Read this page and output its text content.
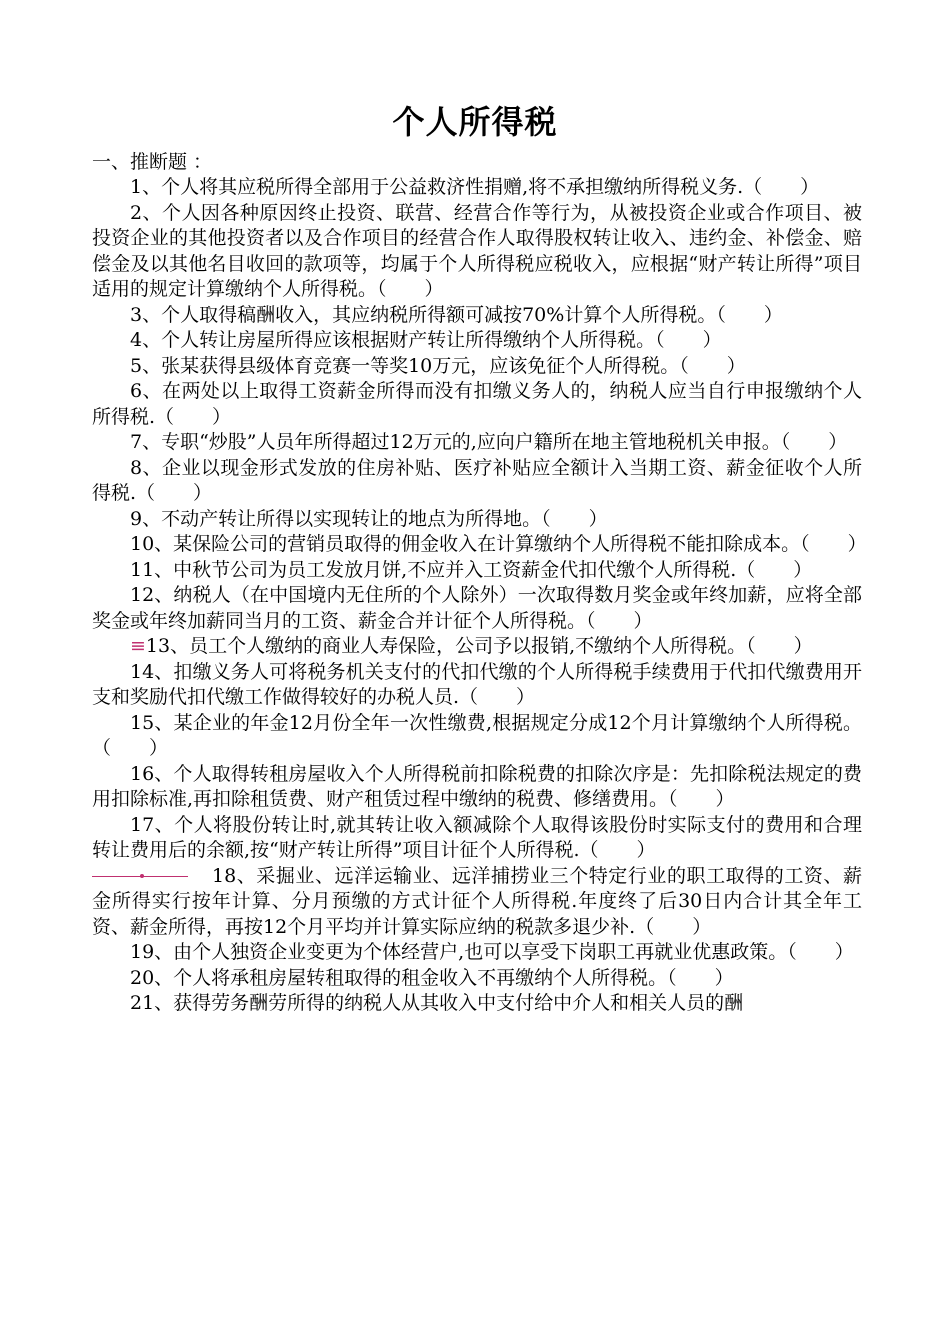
个人所得税
一、推断题 ：

1、个人将其应税所得全部用于公益救济性捐赠,将不承担缴纳所得税义务.（　　）

2、个人因各种原因终止投资、联营、经营合作等行为，从被投资企业或合作项目、被投资企业的其他投资者以及合作项目的经营合作人取得股权转让收入、违约金、补偿金、赔偿金及以其他名目收回的款项等，均属于个人所得税应税收入，应根据“财产转让所得”项目适用的规定计算缴纳个人所得税。（　　）

3、个人取得稿酬收入，其应纳税所得额可减按70%计算个人所得税。（　　）

4、个人转让房屋所得应该根据财产转让所得缴纳个人所得税。（　　）

5、张某获得县级体育竞赛一等奖10万元，应该免征个人所得税。（　　）

6、在两处以上取得工资薪金所得而没有扣缴义务人的，纳税人应当自行申报缴纳个人所得税.（　　）

7、专职“炒股”人员年所得超过12万元的,应向户籍所在地主管地税机关申报。（　　）

8、企业以现金形式发放的住房补贴、医疗补贴应全额计入当期工资、薪金征收个人所得税.（　　）

9、不动产转让所得以实现转让的地点为所得地。（　　）

10、某保险公司的营销员取得的佣金收入在计算缴纳个人所得税不能扣除成本。（　　）

11、中秋节公司为员工发放月饼,不应并入工资薪金代扣代缴个人所得税.（　　）

12、纳税人（在中国境内无住所的个人除外）一次取得数月奖金或年终加薪，应将全部奖金或年终加薪同当月的工资、薪金合并计征个人所得税。（　　）

≡13、员工个人缴纳的商业人寿保险，公司予以报销,不缴纳个人所得税。（　　）

14、扣缴义务人可将税务机关支付的代扣代缴的个人所得税手续费用于代扣代缴费用开支和奖励代扣代缴工作做得较好的办税人员.（　　）

15、某企业的年金12月份全年一次性缴费,根据规定分成12个月计算缴纳个人所得税。（　　）

16、个人取得转租房屋收入个人所得税前扣除税费的扣除次序是：先扣除税法规定的费用扣除标准,再扣除租赁费、财产租赁过程中缴纳的税费、修缮费用。（　　）

17、个人将股份转让时,就其转让收入额减除个人取得该股份时实际支付的费用和合理转让费用后的余额,按“财产转让所得”项目计征个人所得税.（　　）

18、采掘业、远洋运输业、远洋捕捞业三个特定行业的职工取得的工资、薪金所得实行按年计算、分月预缴的方式计征个人所得税.年度终了后30日内合计其全年工资、薪金所得，再按12个月平均并计算实际应纳的税款多退少补.（　　）

19、由个人独资企业变更为个体经营户,也可以享受下岗职工再就业优惠政策。（　　）

20、个人将承租房屋转租取得的租金收入不再缴纳个人所得税。（　　）

21、获得劳务酬劳所得的纳税人从其收入中支付给中介人和相关人员的酬
